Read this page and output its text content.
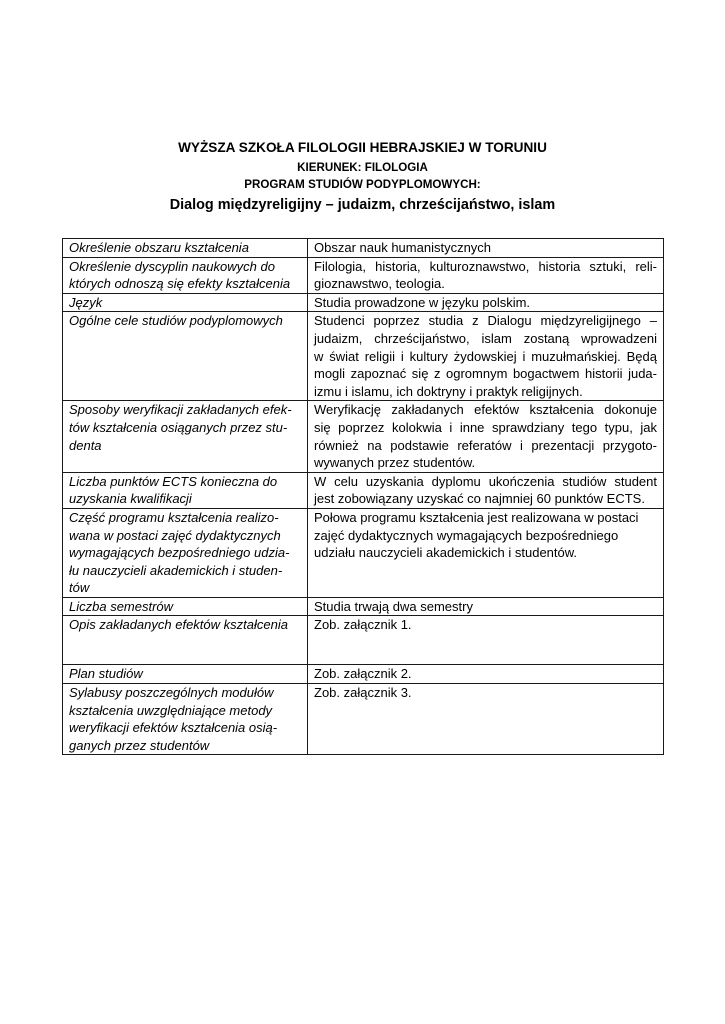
WYŻSZA SZKOŁA FILOLOGII HEBRAJSKIEJ W TORUNIU
KIERUNEK: FILOLOGIA
PROGRAM STUDIÓW PODYPLOMOWYCH:
Dialog międzyreligijny – judaizm, chrześcijaństwo, islam
Określenie obszaru kształcenia	Obszar nauk humanistycznych

Określenie dyscyplin naukowych do
których odnoszą się efekty kształcenia	Filologia, historia, kulturoznawstwo, historia sztuki, reli-
gioznawstwo, teologia.

Język	Studia prowadzone w języku polskim.

Ogólne cele studiów podyplomowych	Studenci poprzez studia z Dialogu międzyreligijnego –
judaizm, chrześcijaństwo, islam zostaną wprowadzeni
w świat religii i kultury żydowskiej i muzułmańskiej. Będą
mogli zapoznać się z ogromnym bogactwem historii juda-
izmu i islamu, ich doktryny i praktyk religijnych.

Sposoby weryfikacji zakładanych efek-
tów kształcenia osiąganych przez stu-
denta	Weryfikację zakładanych efektów kształcenia dokonuje
się poprzez kolokwia i inne sprawdziany tego typu, jak
również na podstawie referatów i prezentacji przygoto-
wywanych przez studentów.

Liczba punktów ECTS konieczna do
uzyskania kwalifikacji	W celu uzyskania dyplomu ukończenia studiów student
jest zobowiązany uzyskać co najmniej 60 punktów ECTS.

Część programu kształcenia realizo-
wana w postaci zajęć dydaktycznych
wymagających bezpośredniego udzia-
łu nauczycieli akademickich i studen-
tów	Połowa programu kształcenia jest realizowana w postaci
zajęć dydaktycznych wymagających bezpośredniego
udziału nauczycieli akademickich i studentów.

Liczba semestrów	Studia trwają dwa semestry

Opis zakładanych efektów kształcenia	Zob. załącznik 1.

Plan studiów	Zob. załącznik 2.

Sylabusy poszczególnych modułów
kształcenia uwzględniające metody
weryfikacji efektów kształcenia osią-
ganych przez studentów	Zob. załącznik 3.
